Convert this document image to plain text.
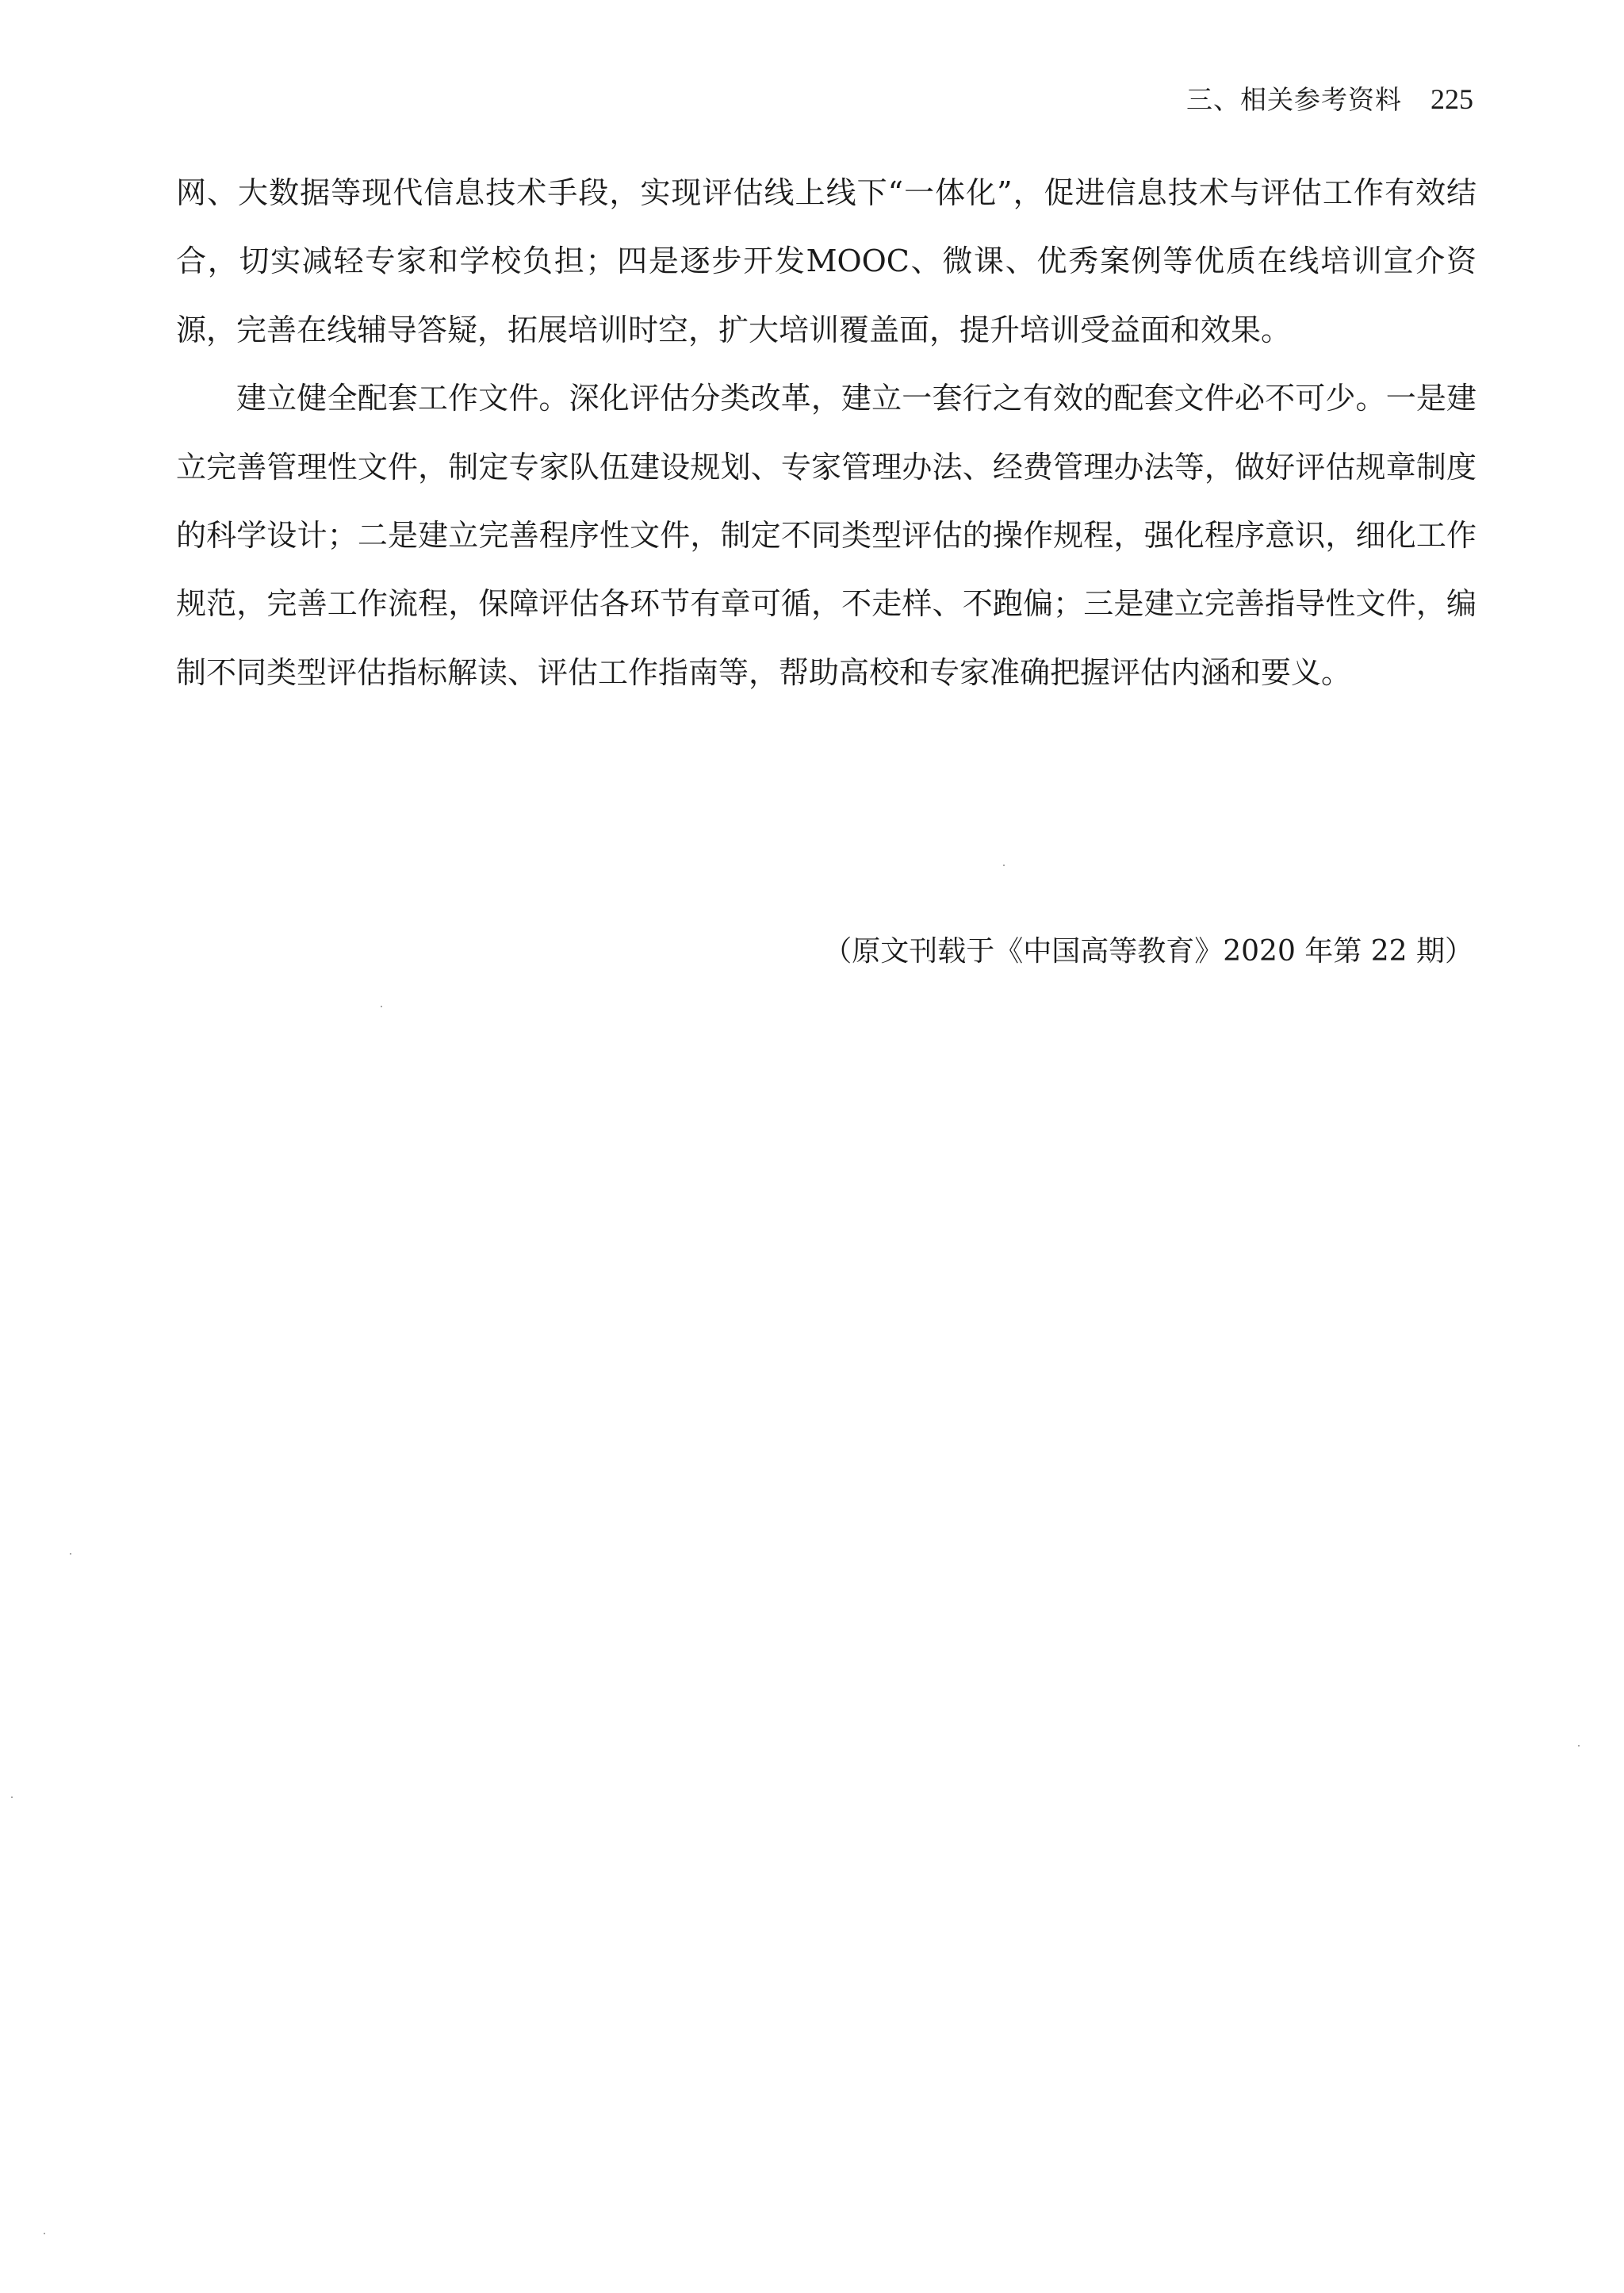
三、相关参考资料 225

网、大数据等现代信息技术手段，实现评估线上线下“一体化”，促进信息技术与评估工作有效结合，切实减轻专家和学校负担；四是逐步开发MOOC、微课、优秀案例等优质在线培训宣介资源，完善在线辅导答疑，拓展培训时空，扩大培训覆盖面，提升培训受益面和效果。

建立健全配套工作文件。深化评估分类改革，建立一套行之有效的配套文件必不可少。一是建立完善管理性文件，制定专家队伍建设规划、专家管理办法、经费管理办法等，做好评估规章制度的科学设计；二是建立完善程序性文件，制定不同类型评估的操作规程，强化程序意识，细化工作规范，完善工作流程，保障评估各环节有章可循，不走样、不跑偏；三是建立完善指导性文件，编制不同类型评估指标解读、评估工作指南等，帮助高校和专家准确把握评估内涵和要义。

（原文刊载于《中国高等教育》2020 年第 22 期）
